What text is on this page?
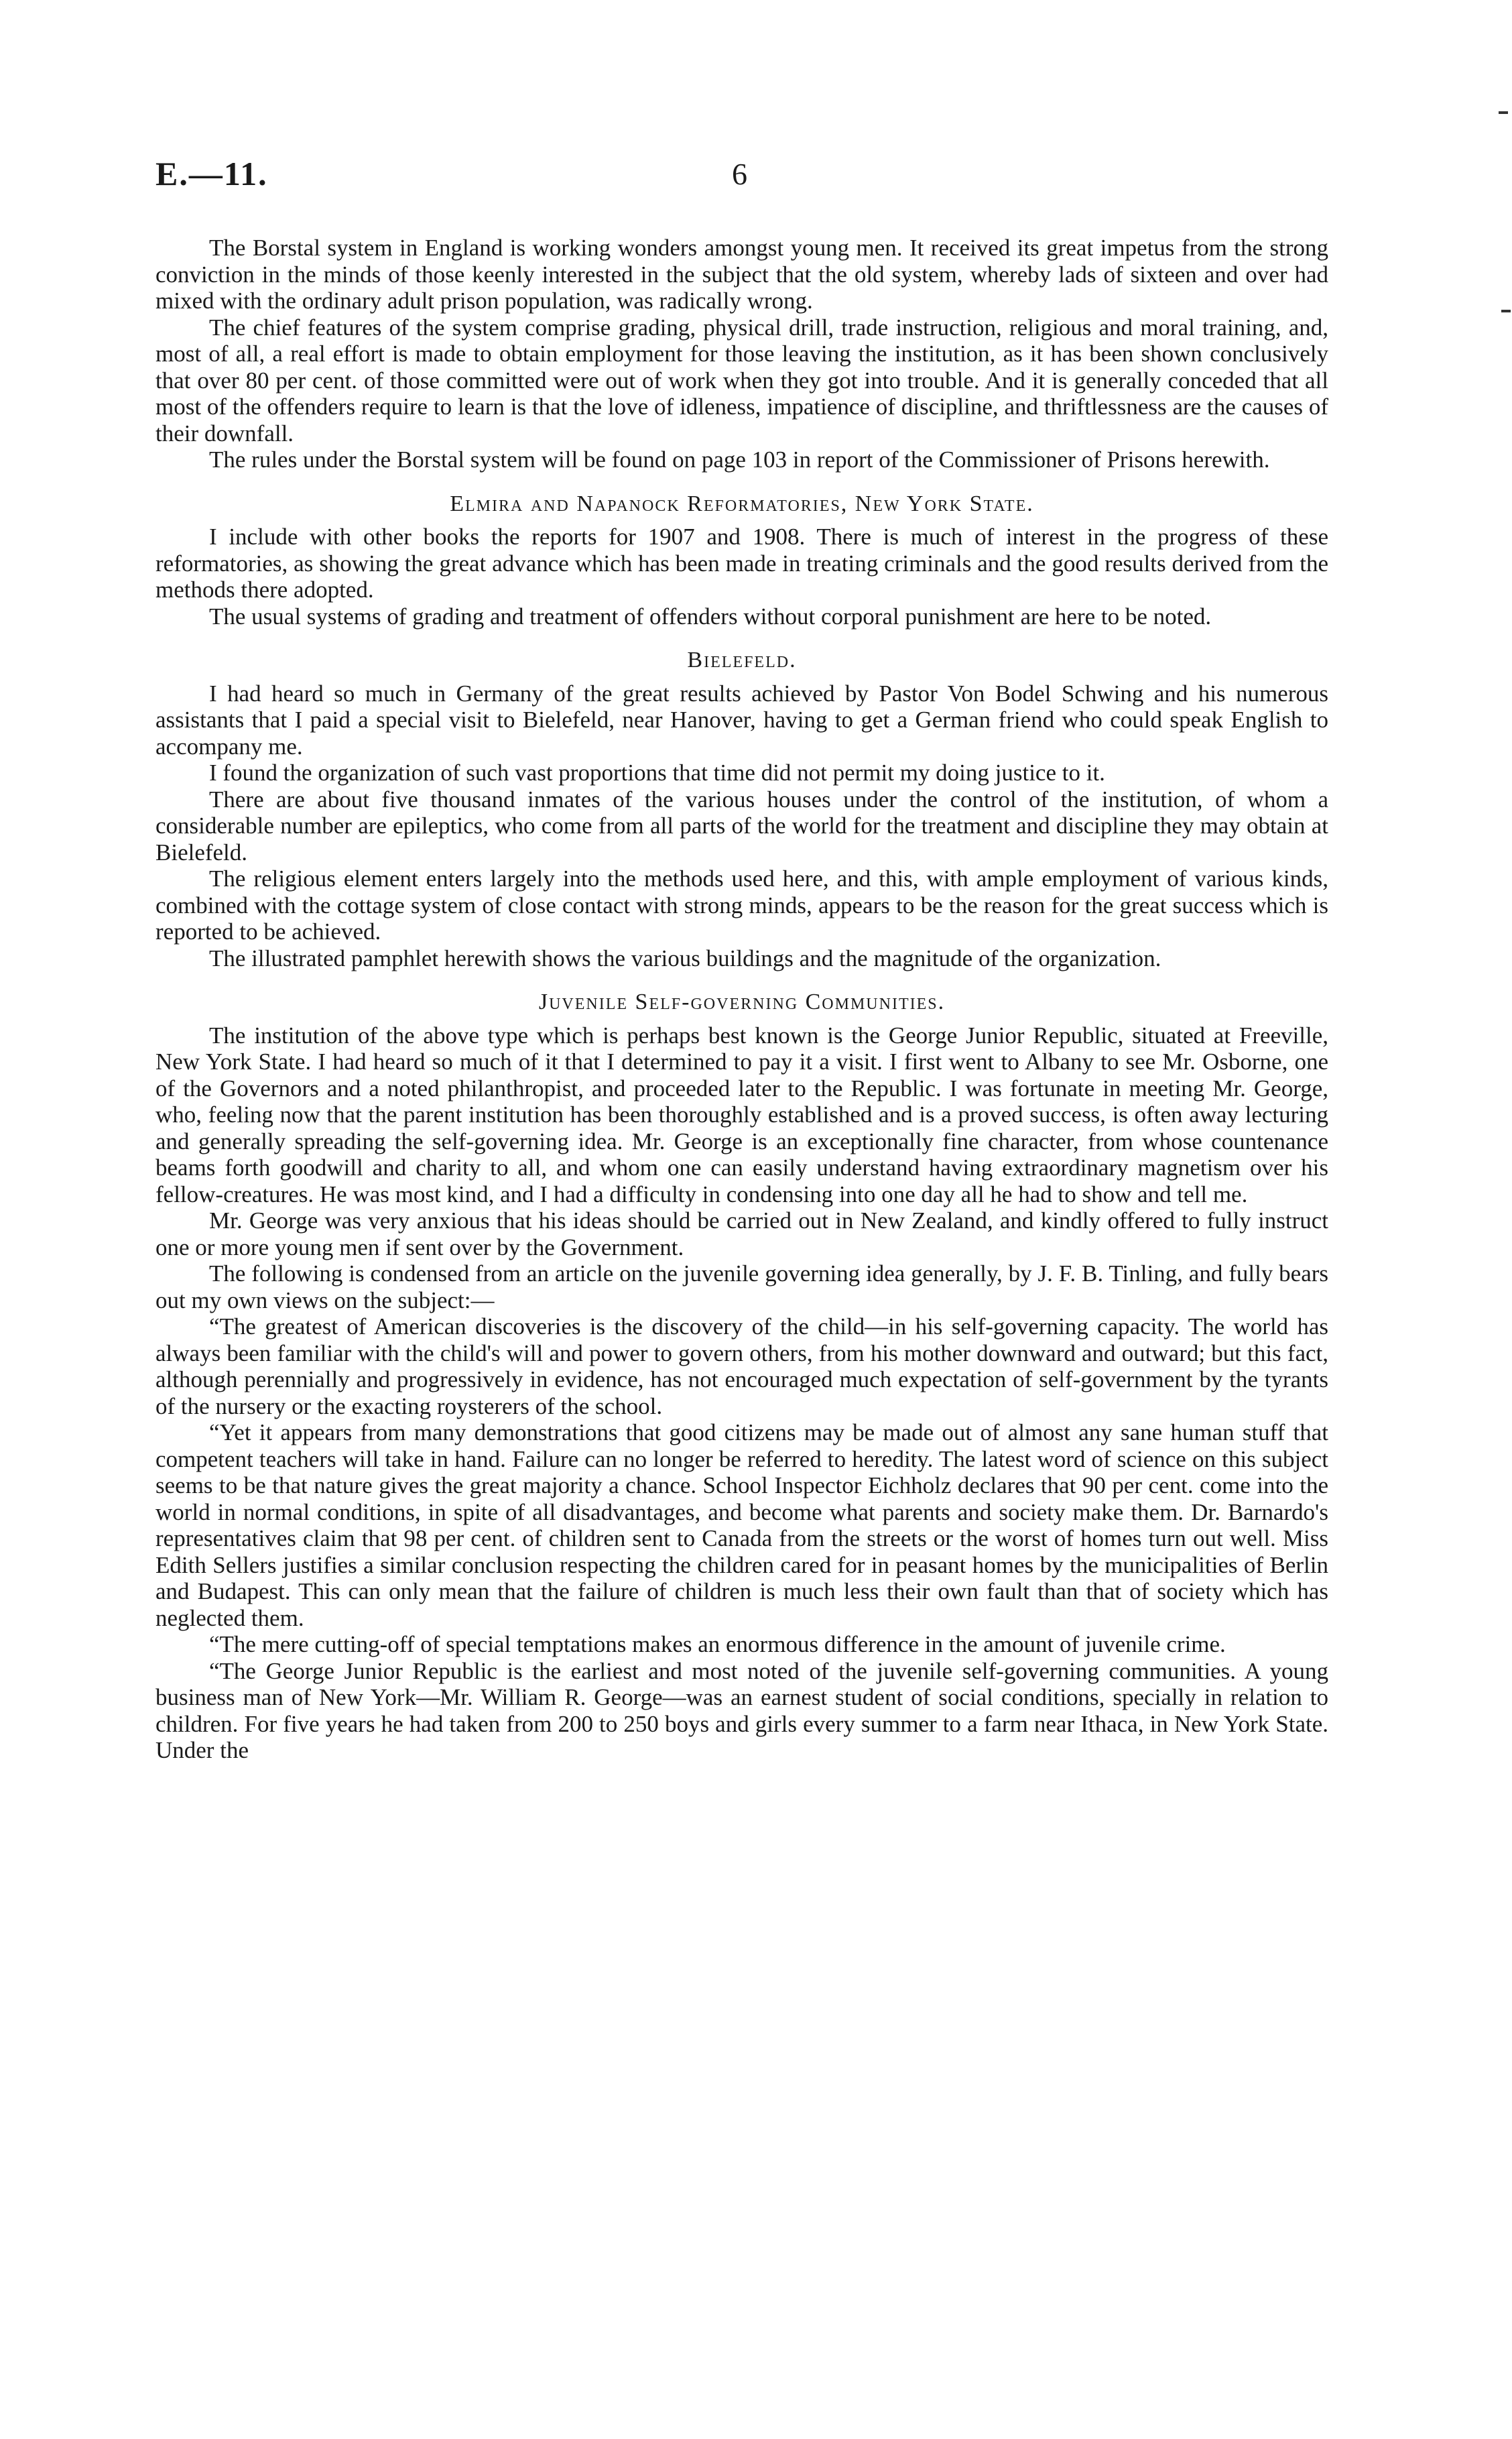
E.—11.	6

The Borstal system in England is working wonders amongst young men. It received its great impetus from the strong conviction in the minds of those keenly interested in the subject that the old system, whereby lads of sixteen and over had mixed with the ordinary adult prison population, was radically wrong.

The chief features of the system comprise grading, physical drill, trade instruction, religious and moral training, and, most of all, a real effort is made to obtain employment for those leaving the institution, as it has been shown conclusively that over 80 per cent. of those committed were out of work when they got into trouble. And it is generally conceded that all most of the offenders require to learn is that the love of idleness, impatience of discipline, and thriftlessness are the causes of their downfall.

The rules under the Borstal system will be found on page 103 in report of the Commissioner of Prisons herewith.

Elmira and Napanock Reformatories, New York State.

I include with other books the reports for 1907 and 1908. There is much of interest in the progress of these reformatories, as showing the great advance which has been made in treating criminals and the good results derived from the methods there adopted.

The usual systems of grading and treatment of offenders without corporal punishment are here to be noted.

Bielefeld.

I had heard so much in Germany of the great results achieved by Pastor Von Bodel Schwing and his numerous assistants that I paid a special visit to Bielefeld, near Hanover, having to get a German friend who could speak English to accompany me.

I found the organization of such vast proportions that time did not permit my doing justice to it.

There are about five thousand inmates of the various houses under the control of the institution, of whom a considerable number are epileptics, who come from all parts of the world for the treatment and discipline they may obtain at Bielefeld.

The religious element enters largely into the methods used here, and this, with ample employment of various kinds, combined with the cottage system of close contact with strong minds, appears to be the reason for the great success which is reported to be achieved.

The illustrated pamphlet herewith shows the various buildings and the magnitude of the organization.

Juvenile Self-governing Communities.

The institution of the above type which is perhaps best known is the George Junior Republic, situated at Freeville, New York State. I had heard so much of it that I determined to pay it a visit. I first went to Albany to see Mr. Osborne, one of the Governors and a noted philanthropist, and proceeded later to the Republic. I was fortunate in meeting Mr. George, who, feeling now that the parent institution has been thoroughly established and is a proved success, is often away lecturing and generally spreading the self-governing idea. Mr. George is an exceptionally fine character, from whose countenance beams forth goodwill and charity to all, and whom one can easily understand having extraordinary magnetism over his fellow-creatures. He was most kind, and I had a difficulty in condensing into one day all he had to show and tell me.

Mr. George was very anxious that his ideas should be carried out in New Zealand, and kindly offered to fully instruct one or more young men if sent over by the Government.

The following is condensed from an article on the juvenile governing idea generally, by J. F. B. Tinling, and fully bears out my own views on the subject:—

“The greatest of American discoveries is the discovery of the child—in his self-governing capacity. The world has always been familiar with the child's will and power to govern others, from his mother downward and outward; but this fact, although perennially and progressively in evidence, has not encouraged much expectation of self-government by the tyrants of the nursery or the exacting roysterers of the school.

“Yet it appears from many demonstrations that good citizens may be made out of almost any sane human stuff that competent teachers will take in hand. Failure can no longer be referred to heredity. The latest word of science on this subject seems to be that nature gives the great majority a chance. School Inspector Eichholz declares that 90 per cent. come into the world in normal conditions, in spite of all disadvantages, and become what parents and society make them. Dr. Barnardo's representatives claim that 98 per cent. of children sent to Canada from the streets or the worst of homes turn out well. Miss Edith Sellers justifies a similar conclusion respecting the children cared for in peasant homes by the municipalities of Berlin and Budapest. This can only mean that the failure of children is much less their own fault than that of society which has neglected them.

“The mere cutting-off of special temptations makes an enormous difference in the amount of juvenile crime.

“The George Junior Republic is the earliest and most noted of the juvenile self-governing communities. A young business man of New York—Mr. William R. George—was an earnest student of social conditions, specially in relation to children. For five years he had taken from 200 to 250 boys and girls every summer to a farm near Ithaca, in New York State. Under the
